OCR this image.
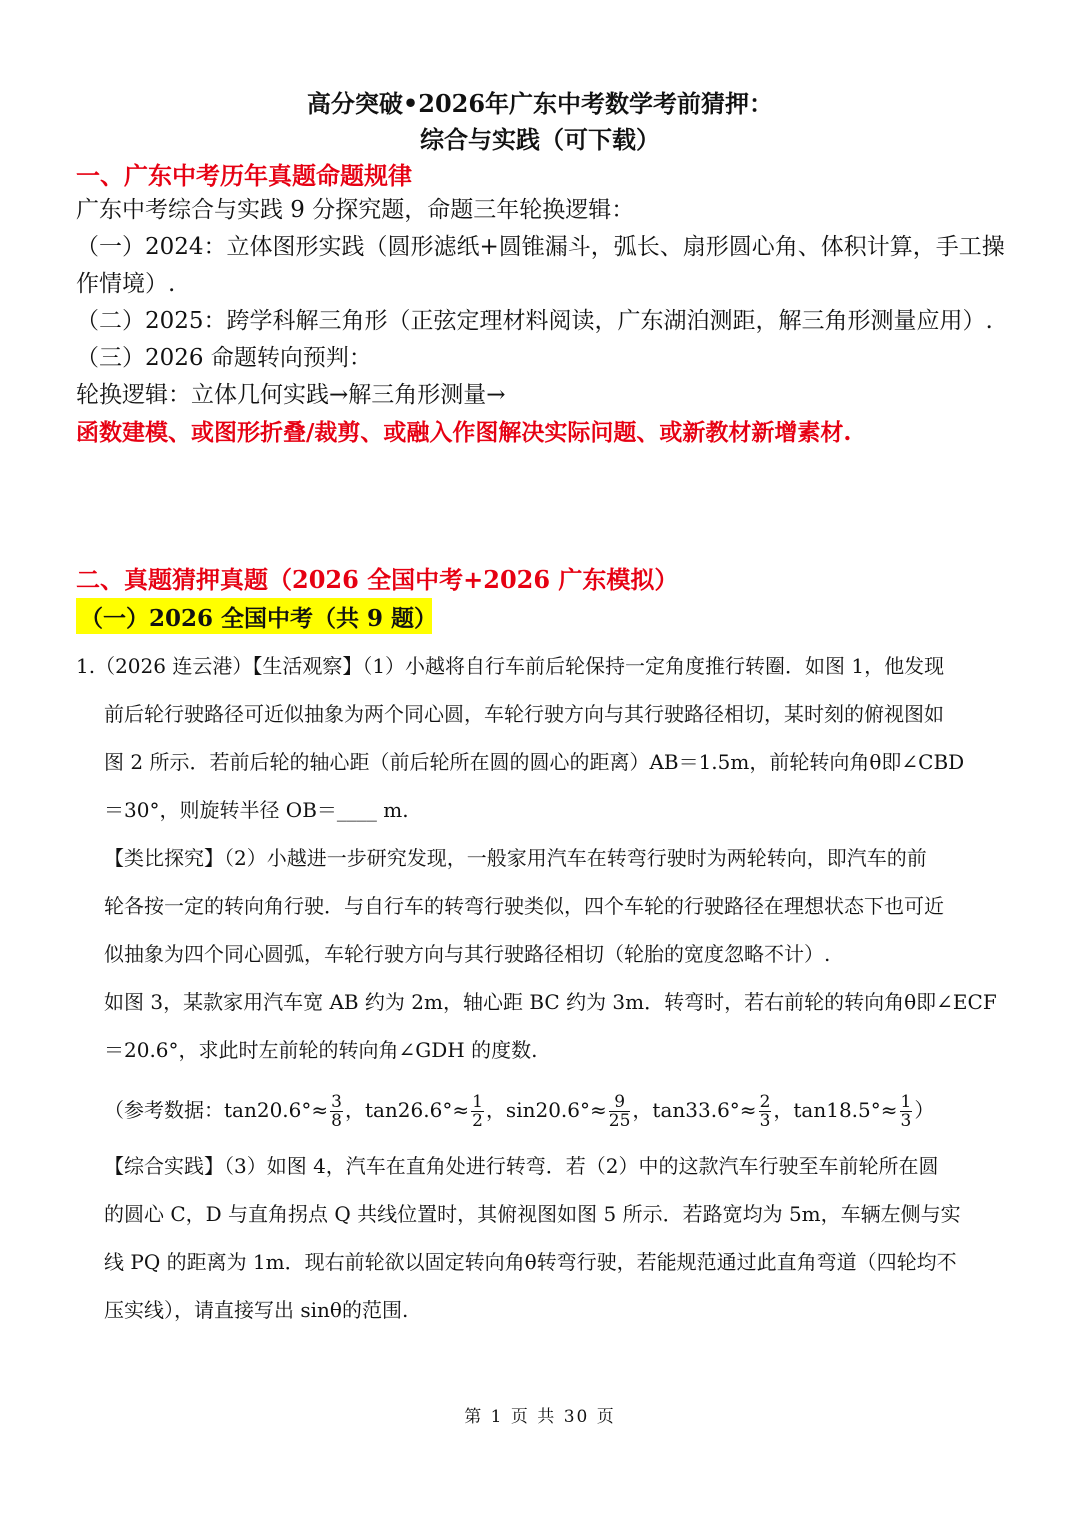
高分突破•2026年广东中考数学考前猜押：
综合与实践（可下载）
一、广东中考历年真题命题规律
广东中考综合与实践 9 分探究题，命题三年轮换逻辑：
（一）2024：立体图形实践（圆形滤纸+圆锥漏斗，弧长、扇形圆心角、体积计算，手工操作情境）.
（二）2025：跨学科解三角形（正弦定理材料阅读，广东湖泊测距，解三角形测量应用）.
（三）2026 命题转向预判：
轮换逻辑：立体几何实践→解三角形测量→
函数建模、或图形折叠/裁剪、或融入作图解决实际问题、或新教材新增素材.
二、真题猜押真题（2026 全国中考+2026 广东模拟）
（一）2026 全国中考（共 9 题）
1.（2026 连云港）【生活观察】（1）小越将自行车前后轮保持一定角度推行转圈．如图 1，他发现
前后轮行驶路径可近似抽象为两个同心圆，车轮行驶方向与其行驶路径相切，某时刻的俯视图如
图 2 所示．若前后轮的轴心距（前后轮所在圆的圆心的距离）AB＝1.5m，前轮转向角θ即∠CBD
＝30°，则旋转半径 OB＝____ m.
【类比探究】（2）小越进一步研究发现，一般家用汽车在转弯行驶时为两轮转向，即汽车的前
轮各按一定的转向角行驶．与自行车的转弯行驶类似，四个车轮的行驶路径在理想状态下也可近
似抽象为四个同心圆弧，车轮行驶方向与其行驶路径相切（轮胎的宽度忽略不计）.
如图 3，某款家用汽车宽 AB 约为 2m，轴心距 BC 约为 3m．转弯时，若右前轮的转向角θ即∠ECF
＝20.6°，求此时左前轮的转向角∠GDH 的度数.
（参考数据：$\tan 20.6^\circ\approx \frac{3}{8}$ ，$\tan 26.6^\circ\approx \frac{1}{2}$ ，$\sin 20.6^\circ\approx \frac{9}{25}$ ，$\tan 33.6^\circ\approx \frac{2}{3}$ ，$\tan 18.5^\circ\approx \frac{1}{3}$ ）
【综合实践】（3）如图 4，汽车在直角处进行转弯．若（2）中的这款汽车行驶至车前轮所在圆
的圆心 C，D 与直角拐点 Q 共线位置时，其俯视图如图 5 所示．若路宽均为 5m，车辆左侧与实
线 PQ 的距离为 1m．现右前轮欲以固定转向角θ转弯行驶，若能规范通过此直角弯道（四轮均不
压实线），请直接写出 sinθ的范围.
第 1 页 共 30 页
